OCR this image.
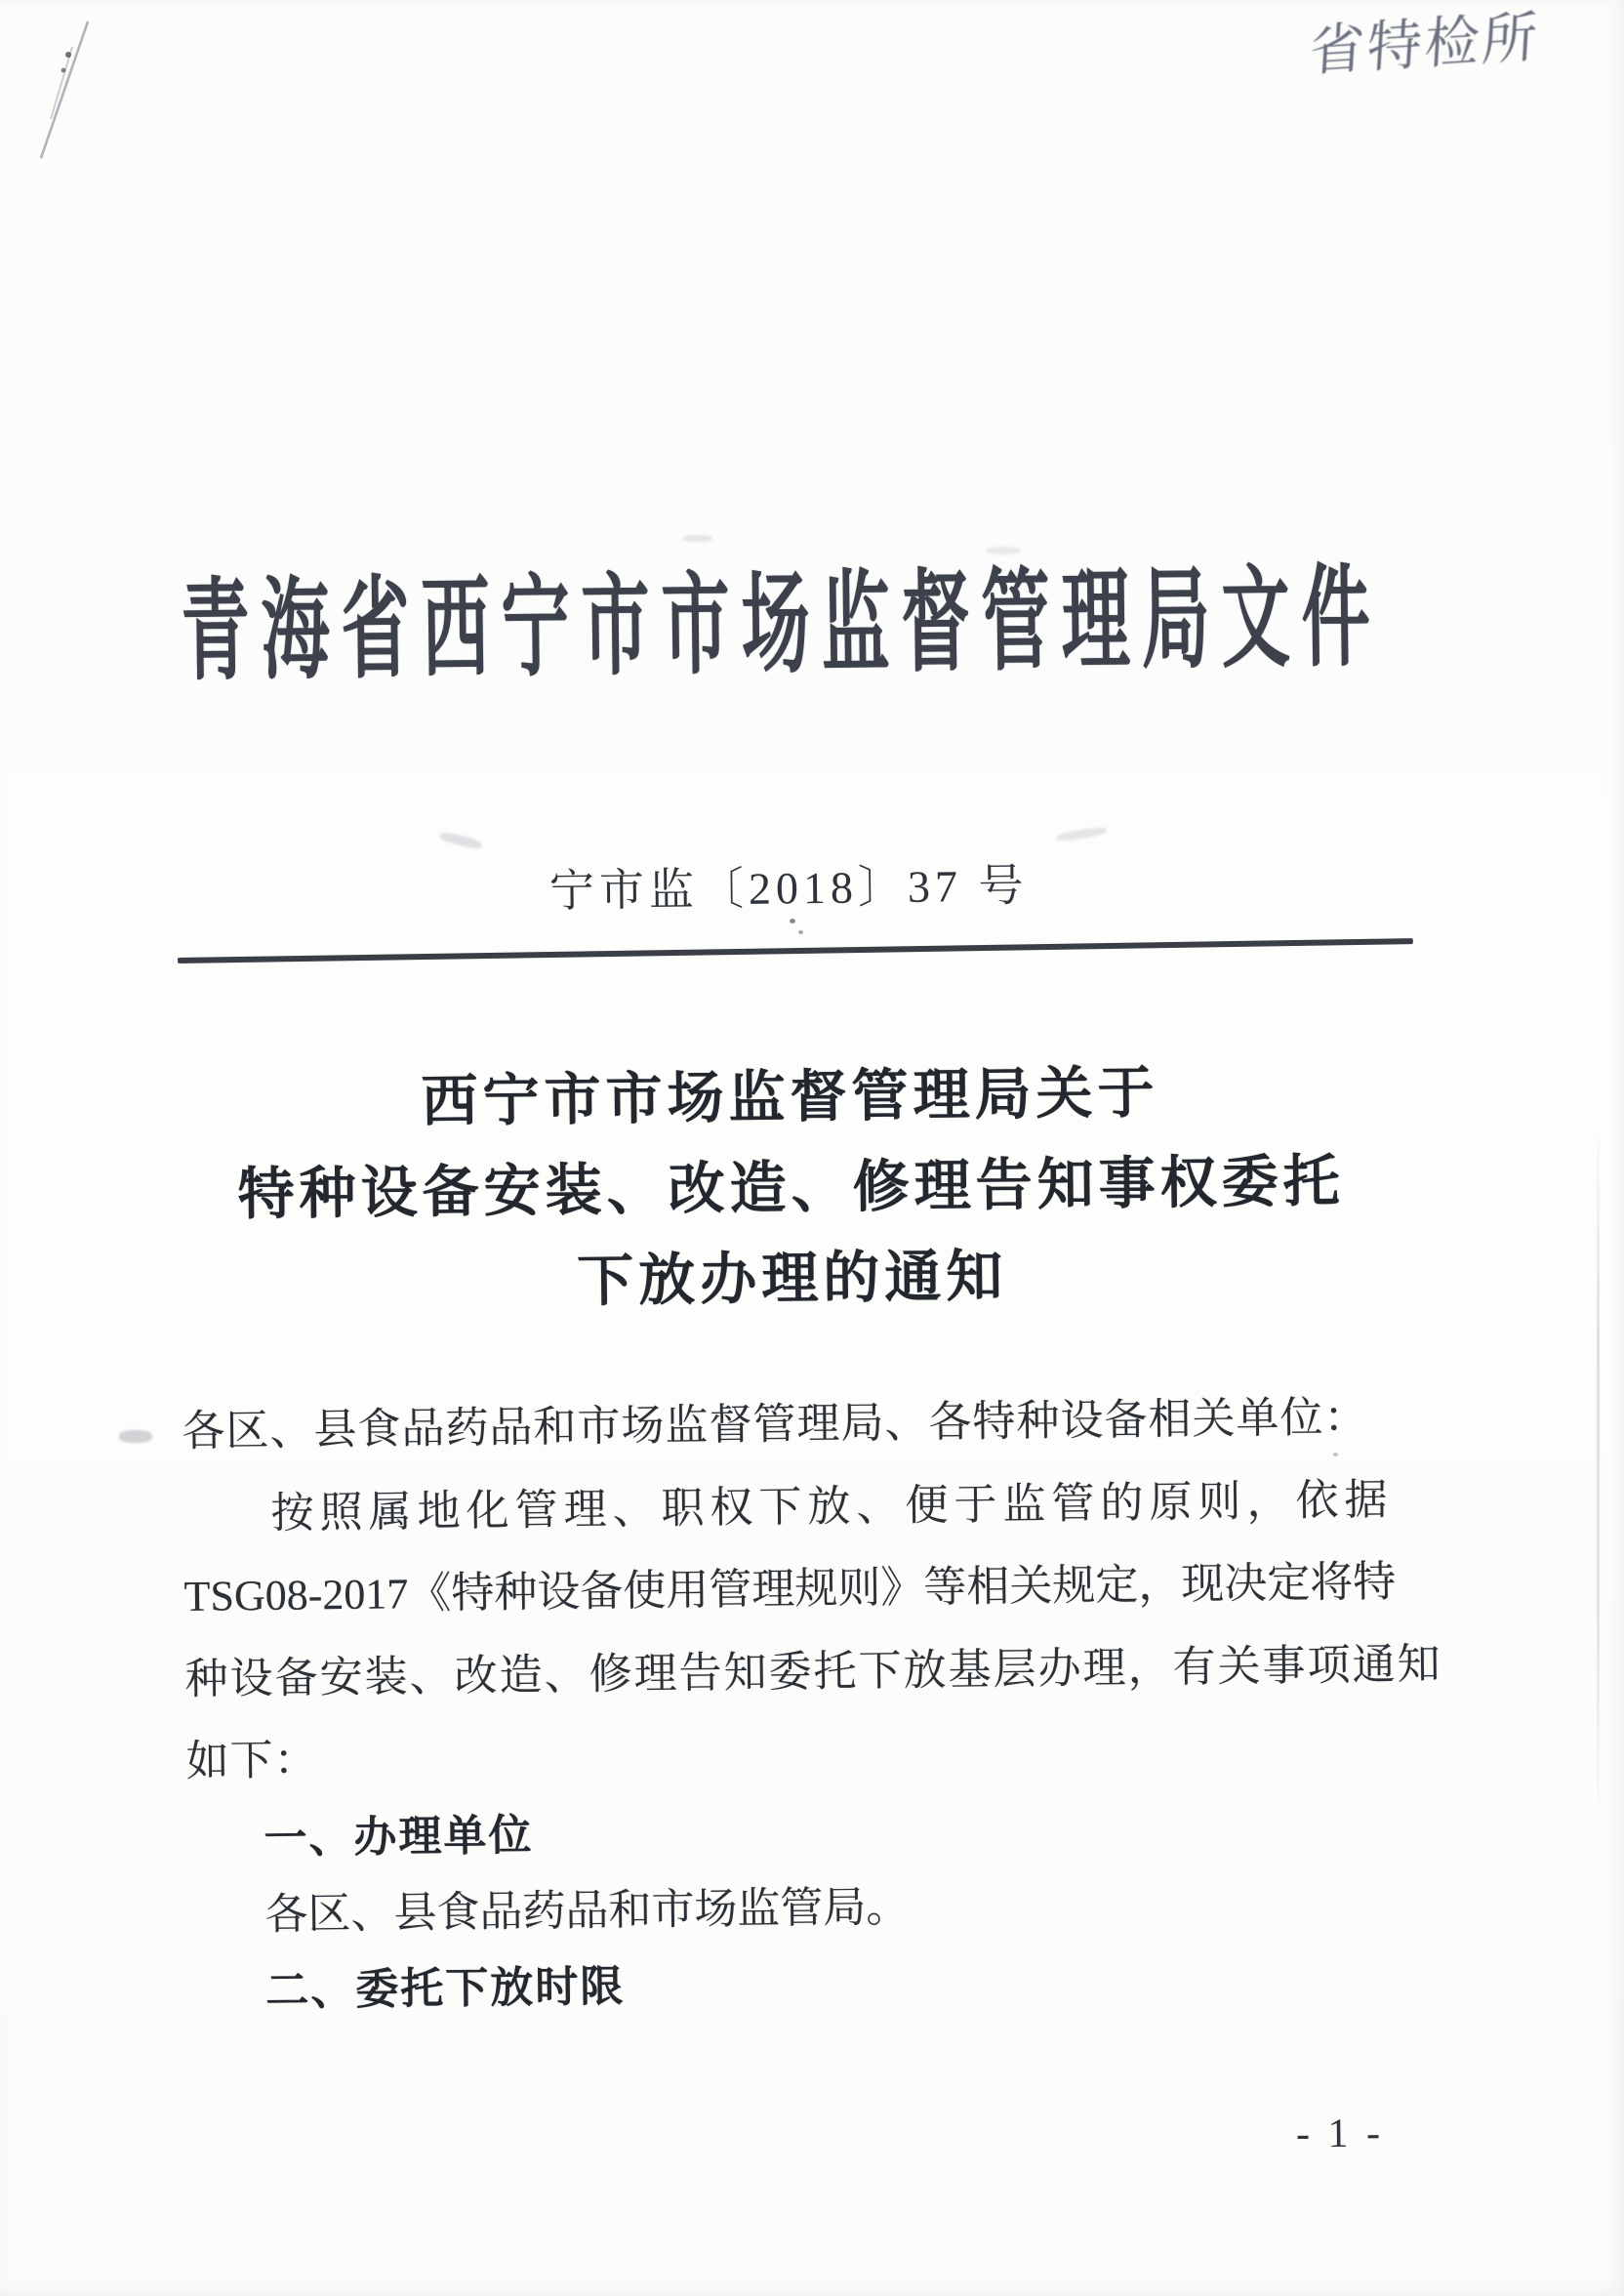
省特检所
青海省西宁市市场监督管理局文件
宁市监〔2018〕37 号
西宁市市场监督管理局关于
特种设备安装、改造、修理告知事权委托
下放办理的通知
各区、县食品药品和市场监督管理局、各特种设备相关单位：
按照属地化管理、职权下放、便于监管的原则，依据
TSG08-2017《特种设备使用管理规则》等相关规定，现决定将特
种设备安装、改造、修理告知委托下放基层办理，有关事项通知
如下：
一、办理单位
各区、县食品药品和市场监管局。
二、委托下放时限
- 1 -
